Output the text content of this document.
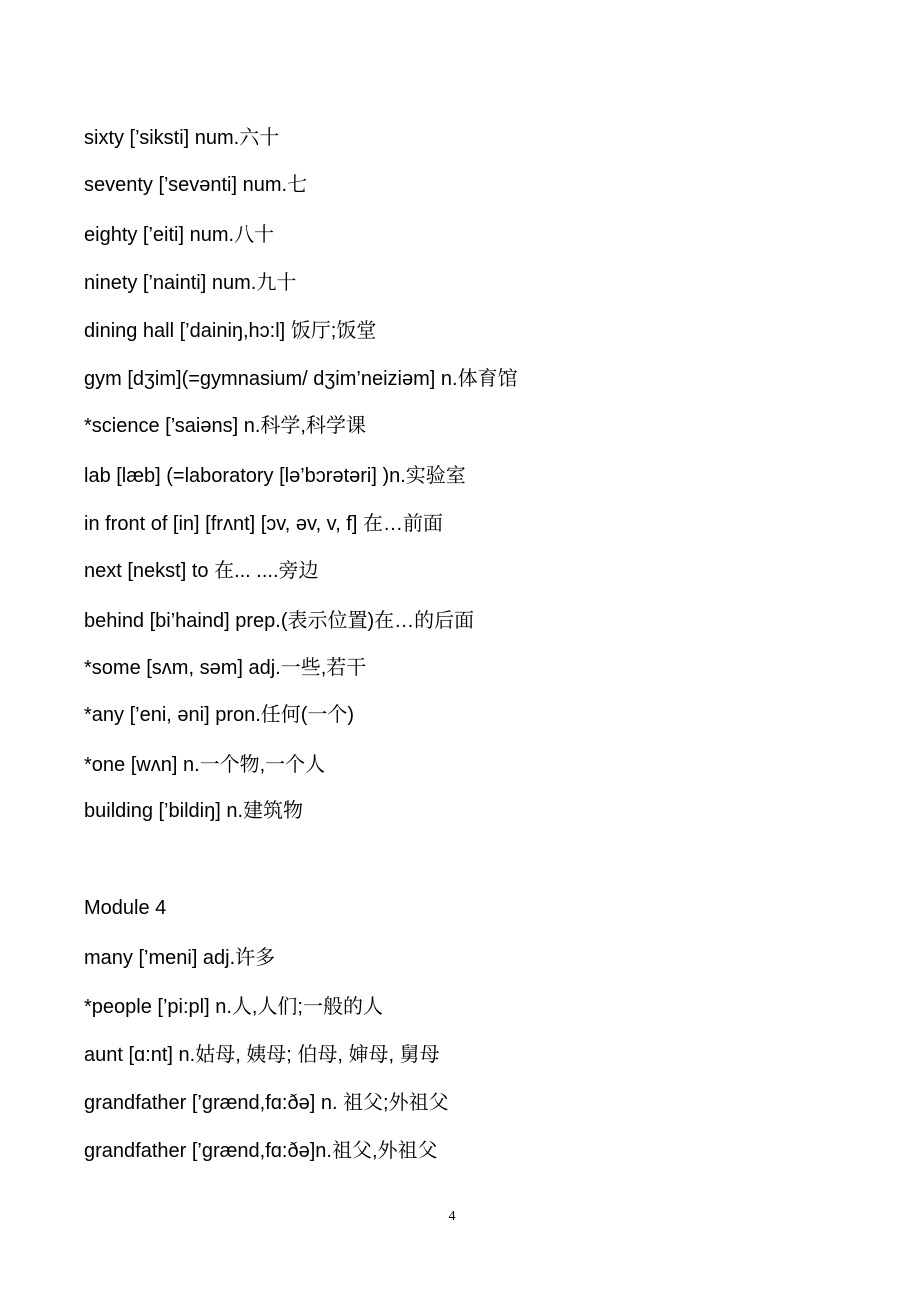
sixty [’siksti] num.六十
seventy [’sevənti] num.七
eighty [’eiti] num.八十
ninety [’nainti] num.九十
dining hall [’dainiŋ,hɔ:l] 饭厅;饭堂
gym [dʒim](=gymnasium/ dʒim’neiziəm] n.体育馆
*science [’saiəns] n.科学,科学课
lab [læb] (=laboratory [lə’bɔrətəri] )n.实验室
in front of [in] [frʌnt] [ɔv, əv, v, f] 在…前面
next [nekst] to 在... ....旁边
behind [bi’haind] prep.(表示位置)在…的后面
*some [sʌm, səm] adj.一些,若干
*any [’eni, əni] pron.任何(一个)
*one [wʌn] n.一个物,一个人
building [’bildiŋ] n.建筑物
Module 4
many [’meni] adj.许多
*people [’pi:pl] n.人,人们;一般的人
aunt [ɑ:nt] n.姑母, 姨母; 伯母, 婶母, 舅母
grandfather [’grænd,fɑ:ðə] n. 祖父;外祖父
grandfather [’grænd,fɑ:ðə]n.祖父,外祖父
4
